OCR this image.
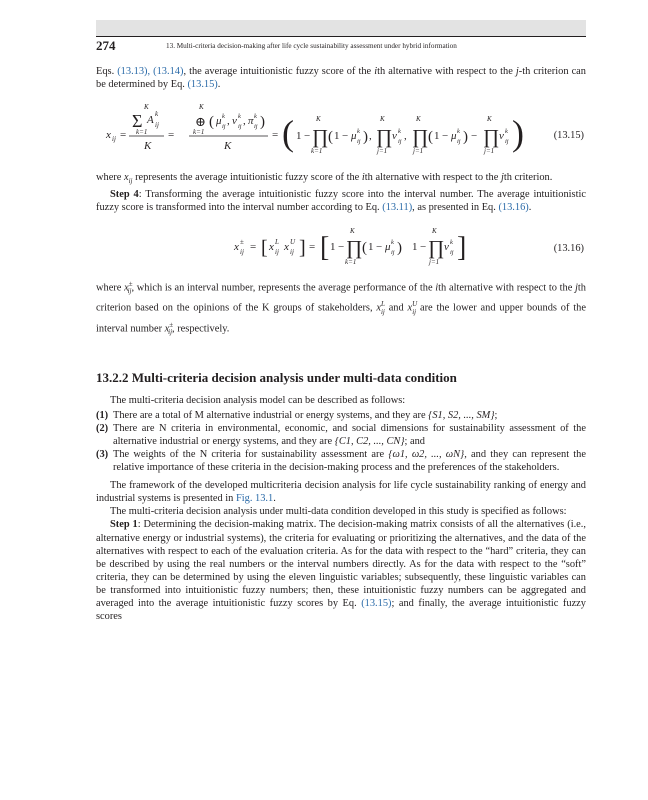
274	13. Multi-criteria decision-making after life cycle sustainability assessment under hybrid information

Eqs. (13.13), (13.14), the average intuitionistic fuzzy score of the ith alternative with respect to the j-th criterion can be determined by Eq. (13.15).

x ij =
K
Σ A k
ij
k=1
K
=
K
⊕
k=1
( μ k
ij , ν k
ij , π k
ij )
K
= ( 1 −
K
∏
k=1
( 1 − μ k
ij ) ,
K
∏
j=1
ν k
ij ,
K
∏
j=1
( 1 − μ k
ij ) −
K
∏
j=1
ν k
ij )	(13.15)

where $x_{ij}$ represents the average intuitionistic fuzzy score of the ith alternative with respect to the jth criterion.

Step 4: Transforming the average intuitionistic fuzzy score into the interval number. The average intuitionistic fuzzy score is transformed into the interval number according to Eq. (13.11), as presented in Eq. (13.16).

x ±
ij = [ x L
ij x U
ij ] = [ 1 −
K
∏
k=1
( 1 − μ k
ij ) 1 −
K
∏
j=1
ν k
ij ]	(13.16)

where $x^\pm_{ij}$, which is an interval number, represents the average performance of the ith alternative with respect to the jth criterion based on the opinions of the K groups of stakeholders, $x^L_{ij}$ and $x^U_{ij}$ are the lower and upper bounds of the interval number $x^\pm_{ij}$, respectively.

13.2.2 Multi-criteria decision analysis under multi-data condition

The multi-criteria decision analysis model can be described as follows:

(1) There are a total of M alternative industrial or energy systems, and they are {S1, S2, ..., SM};
(2) There are N criteria in environmental, economic, and social dimensions for sustainability assessment of the alternative industrial or energy systems, and they are {C1, C2, ..., CN}; and
(3) The weights of the N criteria for sustainability assessment are {ω1, ω2, ..., ωN}, and they can represent the relative importance of these criteria in the decision-making process and the preferences of the stakeholders.

The framework of the developed multicriteria decision analysis for life cycle sustainability ranking of energy and industrial systems is presented in Fig. 13.1.

The multi-criteria decision analysis under multi-data condition developed in this study is specified as follows:

Step 1: Determining the decision-making matrix. The decision-making matrix consists of all the alternatives (i.e., alternative energy or industrial systems), the criteria for evaluating or prioritizing the alternatives, and the data of the alternatives with respect to each of the evaluation criteria. As for the data with respect to the “hard” criteria, they can be described by using the real numbers or the interval numbers directly. As for the data with respect to the “soft” criteria, they can be determined by using the eleven linguistic variables; subsequently, these linguistic variables can be transformed into intuitionistic fuzzy numbers; then, these intuitionistic fuzzy numbers can be aggregated and averaged into the average intuitionistic fuzzy scores by Eq. (13.15); and finally, the average intuitionistic fuzzy scores
